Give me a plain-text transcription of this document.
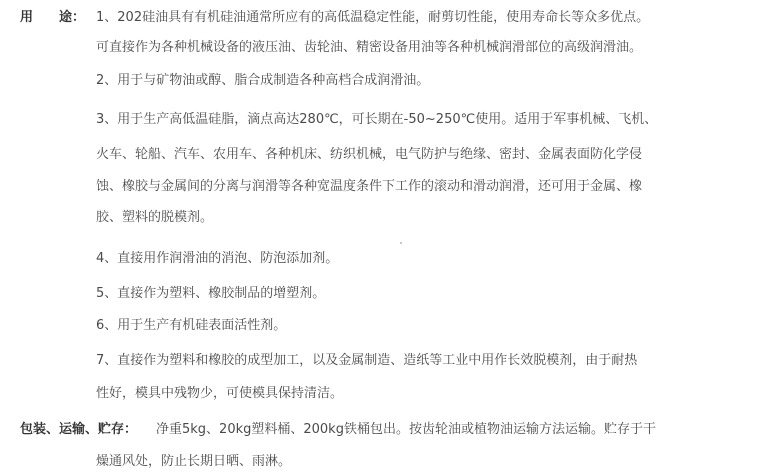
用　　途： 1、202硅油具有有机硅油通常所应有的高低温稳定性能，耐剪切性能，使用寿命长等众多优点。
可直接作为各种机械设备的液压油、齿轮油、精密设备用油等各种机械润滑部位的高级润滑油。
2、用于与矿物油或醇、脂合成制造各种高档合成润滑油。
3、用于生产高低温硅脂，滴点高达280℃，可长期在-50~250℃使用。适用于军事机械、飞机、
火车、轮船、汽车、农用车、各种机床、纺织机械，电气防护与绝缘、密封、金属表面防化学侵
蚀、橡胶与金属间的分离与润滑等各种宽温度条件下工作的滚动和滑动润滑，还可用于金属、橡
胶、塑料的脱模剂。
4、直接用作润滑油的消泡、防泡添加剂。
5、直接作为塑料、橡胶制品的增塑剂。
6、用于生产有机硅表面活性剂。
7、直接作为塑料和橡胶的成型加工，以及金属制造、造纸等工业中用作长效脱模剂，由于耐热
性好，模具中残物少，可使模具保持清洁。
包装、运输、贮存： 净重5kg、20kg塑料桶、200kg铁桶包出。按齿轮油或植物油运输方法运输。贮存于干
燥通风处，防止长期日晒、雨淋。
